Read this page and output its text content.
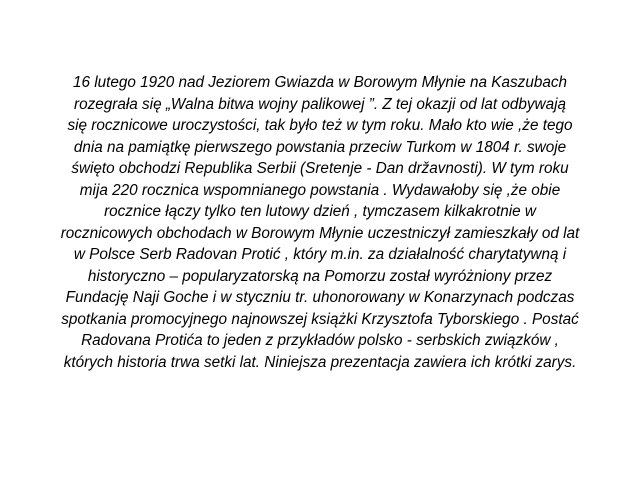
16 lutego 1920 nad Jeziorem Gwiazda w Borowym Młynie na Kaszubach
rozegrała się „Walna bitwa wojny palikowej ”. Z tej okazji od lat odbywają
się rocznicowe uroczystości, tak było też w tym roku. Mało kto wie ,że tego
dnia na pamiątkę pierwszego powstania przeciw Turkom w 1804 r. swoje
święto obchodzi Republika Serbii (Sretenje - Dan državnosti). W tym roku
mija 220 rocznica wspomnianego powstania . Wydawałoby się ,że obie
rocznice łączy tylko ten lutowy dzień , tymczasem kilkakrotnie w
rocznicowych obchodach w Borowym Młynie uczestniczył zamieszkały od lat
w Polsce Serb Radovan Protić , który m.in. za działalność charytatywną i
historyczno – popularyzatorską na Pomorzu został wyróżniony przez
Fundację Naji Goche i w styczniu tr. uhonorowany w Konarzynach podczas
spotkania promocyjnego najnowszej książki Krzysztofa Tyborskiego . Postać
Radovana Protića to jeden z przykładów polsko - serbskich związków ,
których historia trwa setki lat. Niniejsza prezentacja zawiera ich krótki zarys.
